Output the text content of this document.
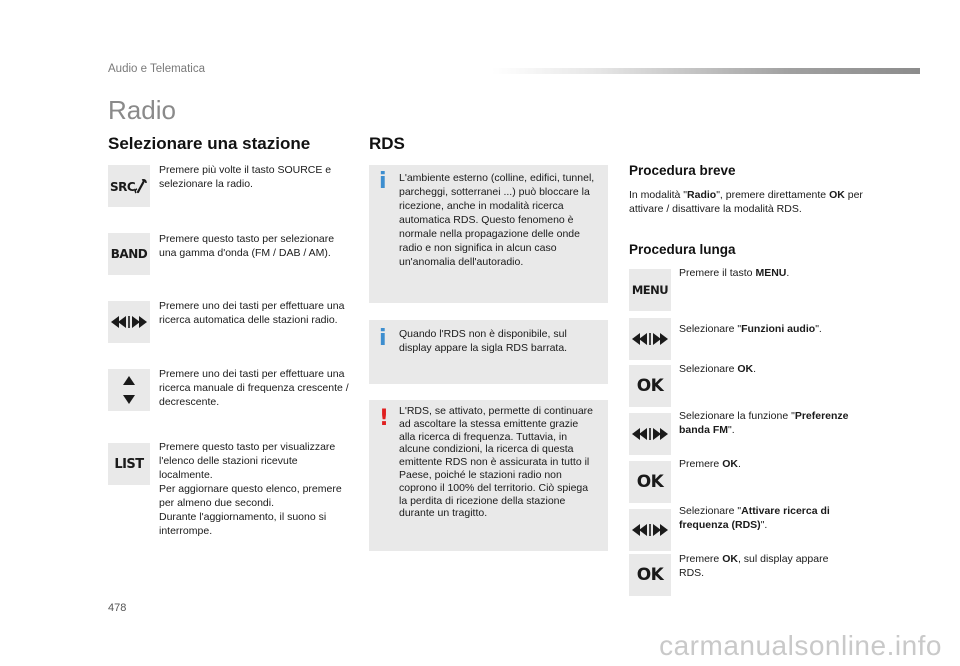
Audio e Telematica
Radio
Selezionare una stazione
SRC
Premere più volte il tasto SOURCE e selezionare la radio.
BAND
Premere questo tasto per selezionare una gamma d'onda (FM / DAB / AM).
Premere uno dei tasti per effettuare una ricerca automatica delle stazioni radio.
Premere uno dei tasti per effettuare una ricerca manuale di frequenza crescente / decrescente.
LIST
Premere questo tasto per visualizzare l'elenco delle stazioni ricevute localmente.
Per aggiornare questo elenco, premere per almeno due secondi.
Durante l'aggiornamento, il suono si interrompe.
RDS
i L'ambiente esterno (colline, edifici, tunnel, parcheggi, sotterranei ...) può bloccare la ricezione, anche in modalità ricerca automatica RDS. Questo fenomeno è normale nella propagazione delle onde radio e non significa in alcun caso un'anomalia dell'autoradio.
i Quando l'RDS non è disponibile, sul display appare la sigla RDS barrata.
! L'RDS, se attivato, permette di continuare ad ascoltare la stessa emittente grazie alla ricerca di frequenza. Tuttavia, in alcune condizioni, la ricerca di questa emittente RDS non è assicurata in tutto il Paese, poiché le stazioni radio non coprono il 100% del territorio. Ciò spiega la perdita di ricezione della stazione durante un tragitto.
Procedura breve
In modalità "Radio", premere direttamente OK per attivare / disattivare la modalità RDS.
Procedura lunga
MENU
Premere il tasto MENU.
Selezionare "Funzioni audio".
OK
Selezionare OK.
Selezionare la funzione "Preferenze banda FM".
OK
Premere OK.
Selezionare "Attivare ricerca di frequenza (RDS)".
OK
Premere OK, sul display appare RDS.
478
carmanualsonline.info
